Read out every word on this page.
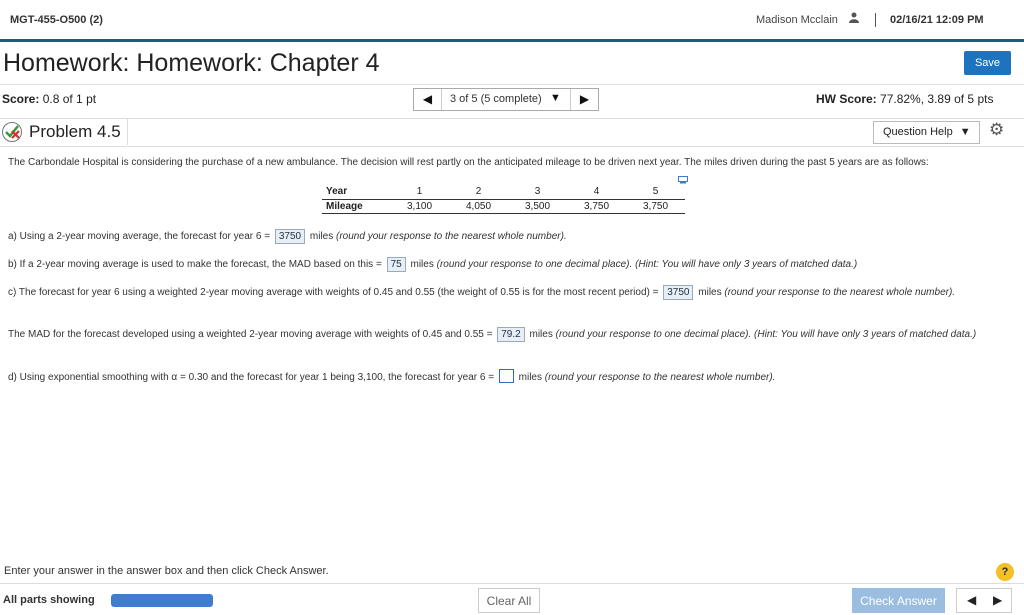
MGT-455-O500 (2)	Madison Mcclain	02/16/21 12:09 PM
Homework: Homework: Chapter 4	Save
Score: 0.8 of 1 pt	◀	3 of 5 (5 complete) ▼	▶	HW Score: 77.82%, 3.89 of 5 pts
Problem 4.5	Question Help ▼	⚙
The Carbondale Hospital is considering the purchase of a new ambulance. The decision will rest partly on the anticipated mileage to be driven next year. The miles driven during the past 5 years are as follows:
Year	1	2	3	4	5
Mileage	3,100	4,050	3,500	3,750	3,750
a) Using a 2-year moving average, the forecast for year 6 = 3750 miles (round your response to the nearest whole number).
b) If a 2-year moving average is used to make the forecast, the MAD based on this = 75 miles (round your response to one decimal place). (Hint: You will have only 3 years of matched data.)
c) The forecast for year 6 using a weighted 2-year moving average with weights of 0.45 and 0.55 (the weight of 0.55 is for the most recent period) = 3750 miles (round your response to the nearest whole number).
The MAD for the forecast developed using a weighted 2-year moving average with weights of 0.45 and 0.55 = 79.2 miles (round your response to one decimal place). (Hint: You will have only 3 years of matched data.)
d) Using exponential smoothing with α = 0.30 and the forecast for year 1 being 3,100, the forecast for year 6 = miles (round your response to the nearest whole number).
Enter your answer in the answer box and then click Check Answer.	?
All parts showing	Clear All	Check Answer	◀ ▶
